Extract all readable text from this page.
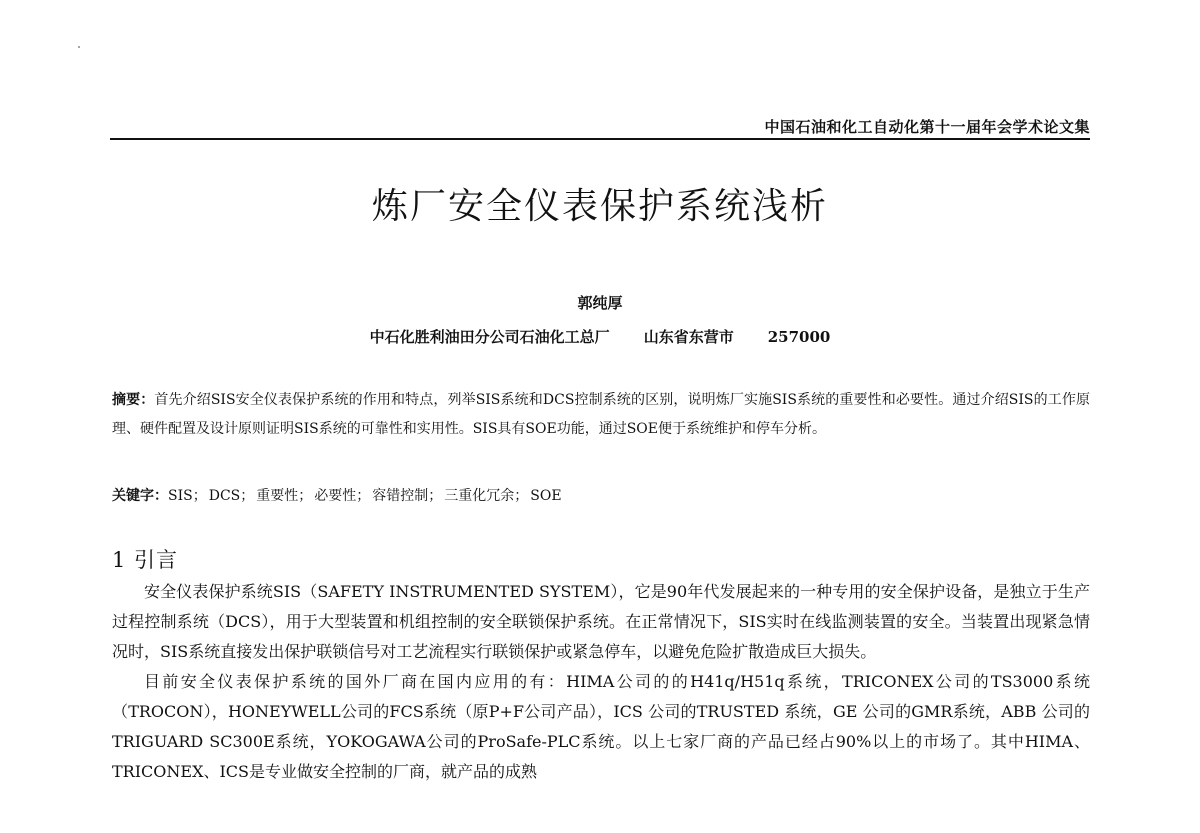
中国石油和化工自动化第十一届年会学术论文集
炼厂安全仪表保护系统浅析
郭纯厚
中石化胜利油田分公司石油化工总厂 山东省东营市 257000
摘要：首先介绍SIS安全仪表保护系统的作用和特点，列举SIS系统和DCS控制系统的区别，说明炼厂实施SIS系统的重要性和必要性。通过介绍SIS的工作原理、硬件配置及设计原则证明SIS系统的可靠性和实用性。SIS具有SOE功能，通过SOE便于系统维护和停车分析。
关键字：SIS； DCS； 重要性； 必要性； 容错控制； 三重化冗余； SOE
1 引言

安全仪表保护系统SIS（SAFETY INSTRUMENTED SYSTEM），它是90年代发展起来的一种专用的安全保护设备，是独立于生产过程控制系统（DCS），用于大型装置和机组控制的安全联锁保护系统。在正常情况下，SIS实时在线监测装置的安全。当装置出现紧急情况时，SIS系统直接发出保护联锁信号对工艺流程实行联锁保护或紧急停车，以避免危险扩散造成巨大损失。

目前安全仪表保护系统的国外厂商在国内应用的有：HIMA公司的的H41q/H51q系统，TRICONEX公司的TS3000系统（TROCON），HONEYWELL公司的FCS系统（原P+F公司产品），ICS 公司的TRUSTED 系统，GE 公司的GMR系统，ABB 公司的TRIGUARD SC300E系统，YOKOGAWA公司的ProSafe-PLC系统。以上七家厂商的产品已经占90%以上的市场了。其中HIMA、TRICONEX、ICS是专业做安全控制的厂商，就产品的成熟
